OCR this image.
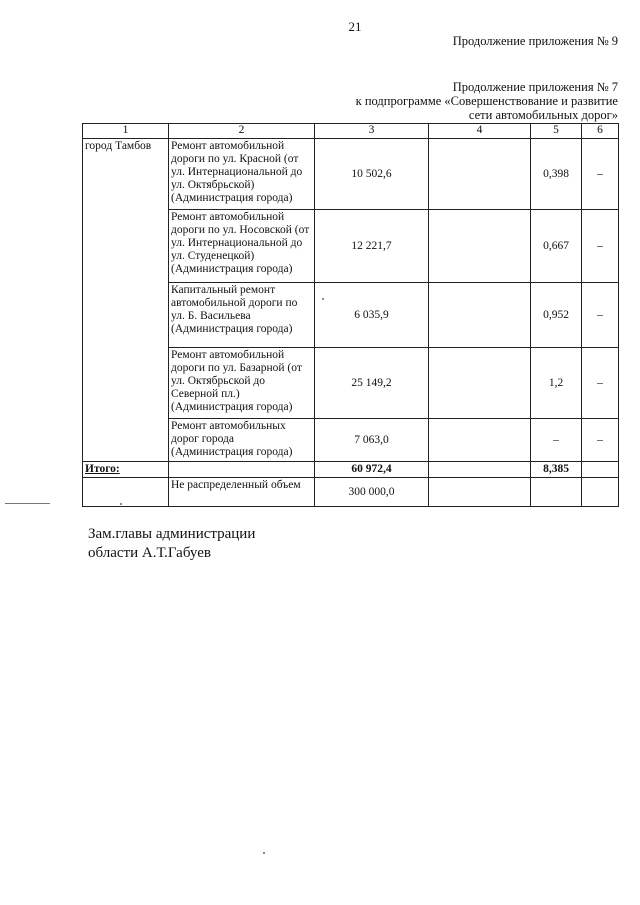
21
Продолжение приложения № 9
Продолжение приложения № 7
к подпрограмме «Совершенствование и развитие
сети автомобильных дорог»
1	2	3	4	5	6
город Тамбов	Ремонт автомобильной дороги по ул. Красной (от ул. Интернациональной до ул. Октябрьской) (Администрация города)	10 502,6		0,398	–
	Ремонт автомобильной дороги по ул. Носовской (от ул. Интернациональной до ул. Студенецкой) (Администрация города)	12 221,7		0,667	–
	Капитальный ремонт автомобильной дороги по ул. Б. Васильева (Администрация города)	6 035,9		0,952	–
	Ремонт автомобильной дороги по ул. Базарной (от ул. Октябрьской до Северной пл.) (Администрация города)	25 149,2		1,2	–
	Ремонт автомобильных дорог города (Администрация города)	7 063,0		–	–
Итого:		60 972,4		8,385	
	Не распределенный объем	300 000,0			
Зам.главы администрации
области А.Т.Габуев
